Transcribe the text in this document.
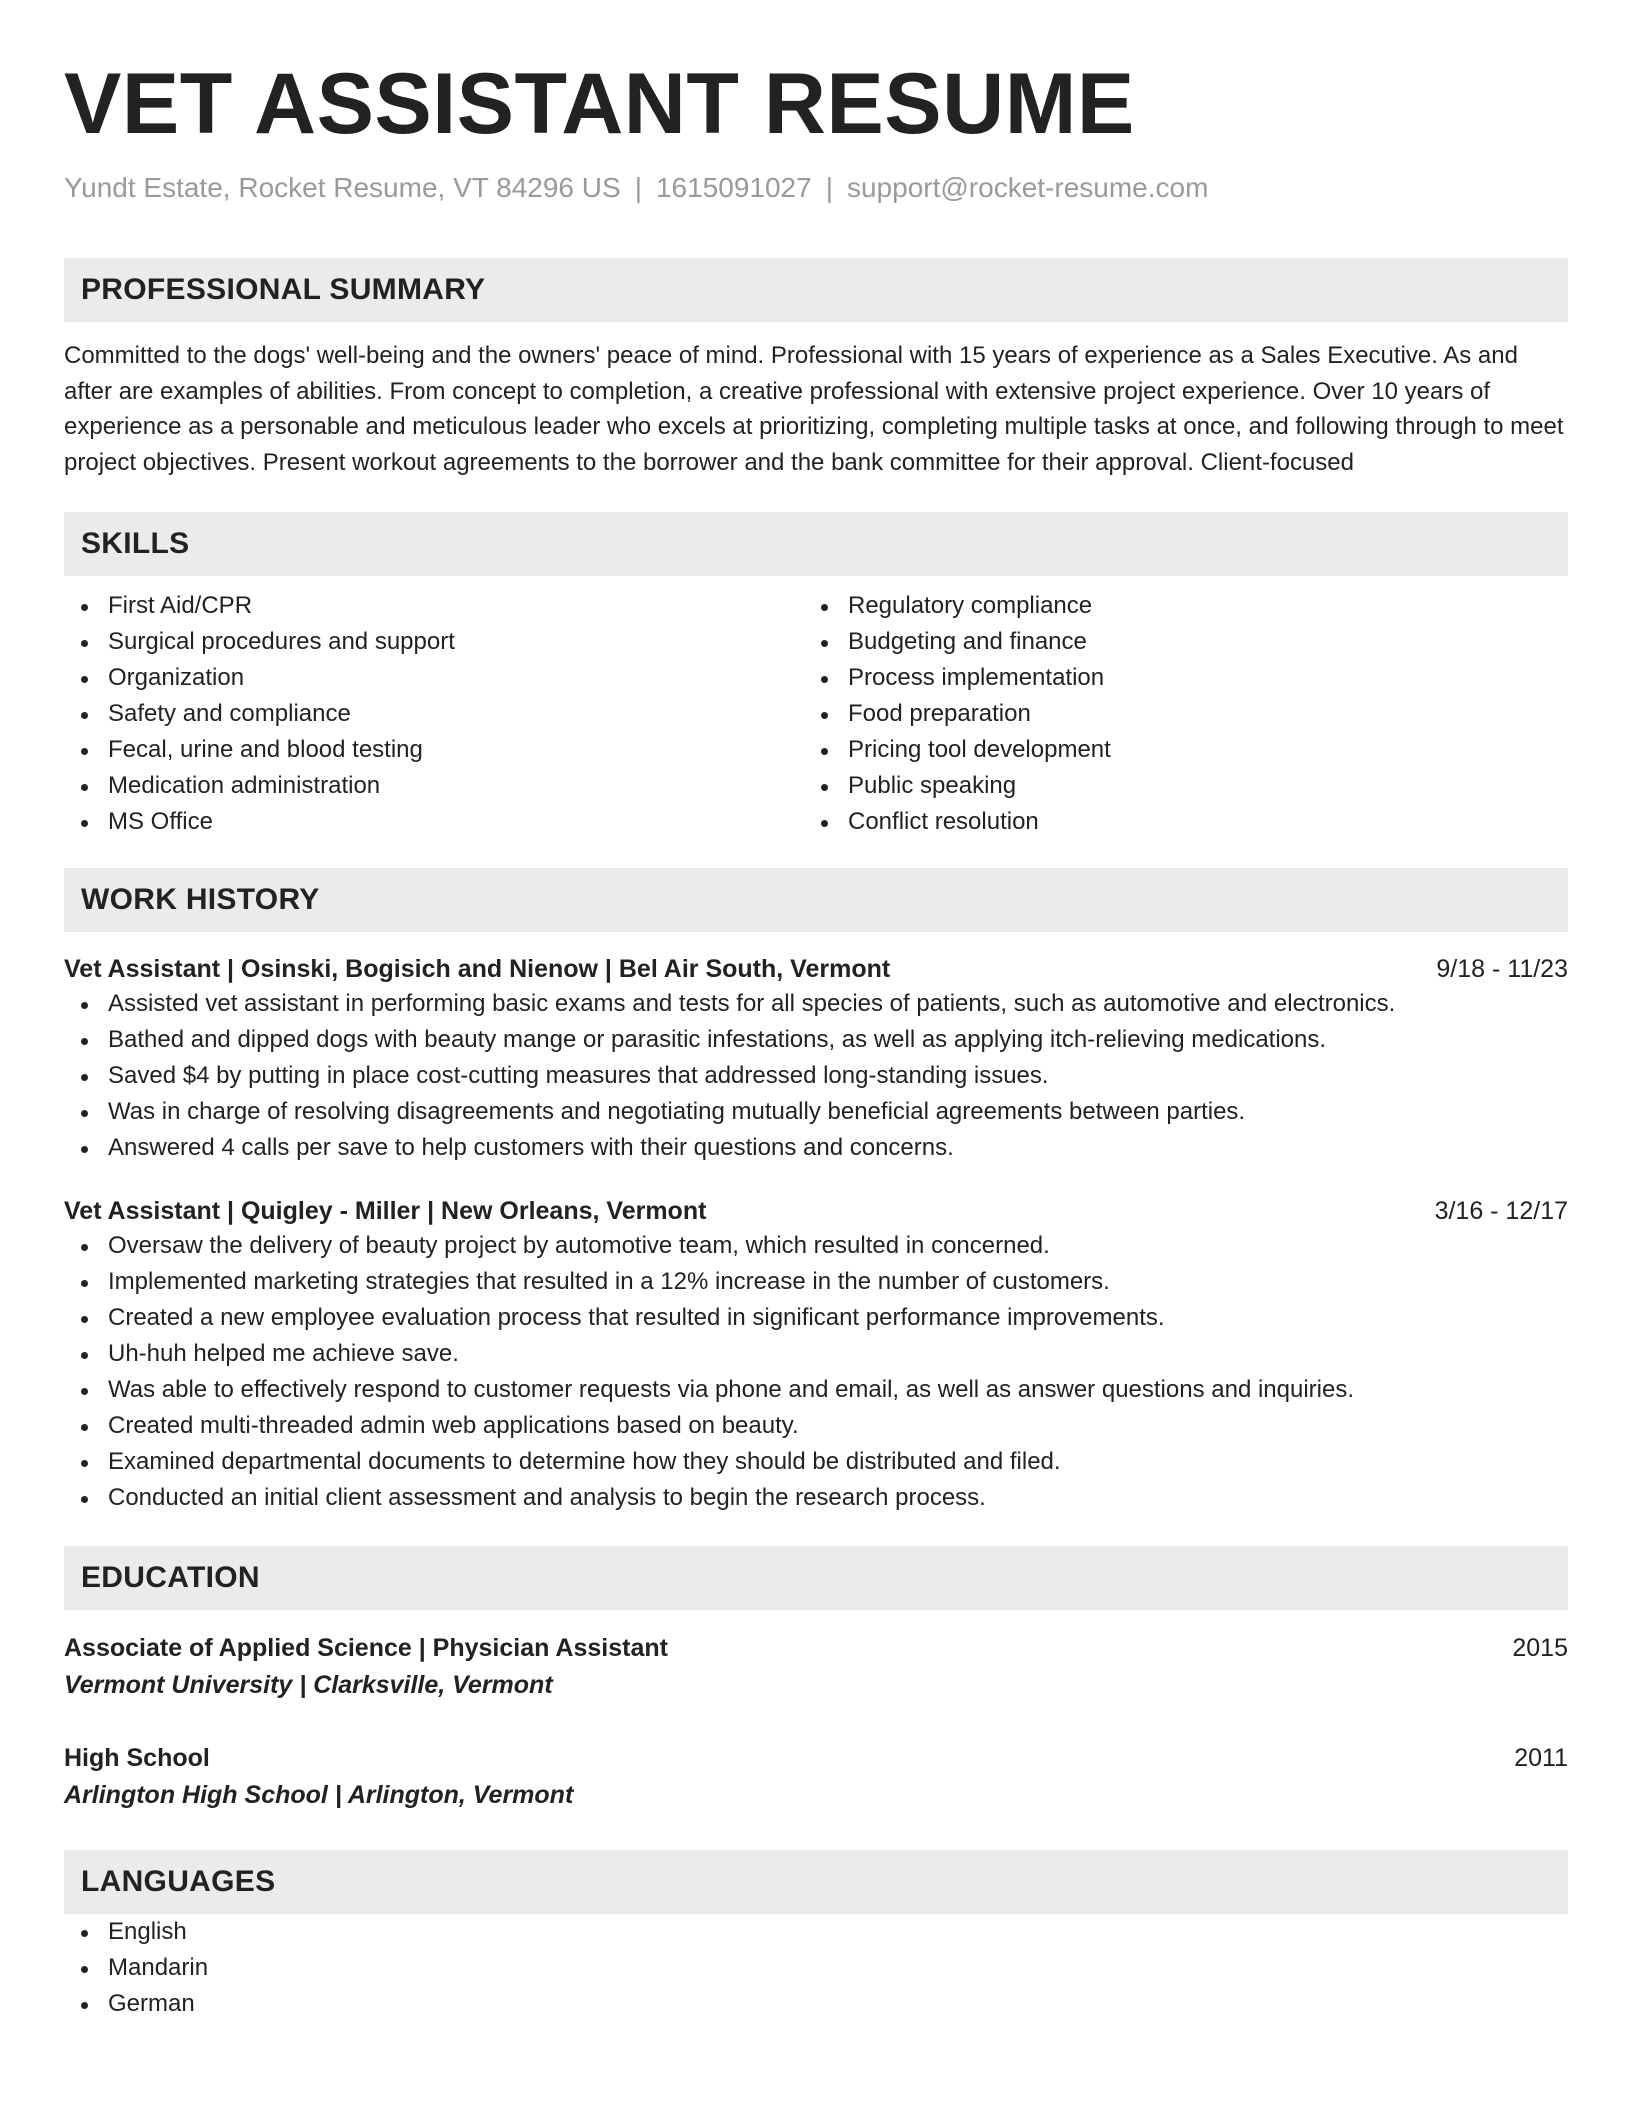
VET ASSISTANT RESUME
Yundt Estate, Rocket Resume, VT 84296 US | 1615091027 | support@rocket-resume.com
PROFESSIONAL SUMMARY
Committed to the dogs' well-being and the owners' peace of mind. Professional with 15 years of experience as a Sales Executive. As and after are examples of abilities. From concept to completion, a creative professional with extensive project experience. Over 10 years of experience as a personable and meticulous leader who excels at prioritizing, completing multiple tasks at once, and following through to meet project objectives. Present workout agreements to the borrower and the bank committee for their approval. Client-focused
SKILLS
First Aid/CPR
Surgical procedures and support
Organization
Safety and compliance
Fecal, urine and blood testing
Medication administration
MS Office
Regulatory compliance
Budgeting and finance
Process implementation
Food preparation
Pricing tool development
Public speaking
Conflict resolution
WORK HISTORY
Vet Assistant | Osinski, Bogisich and Nienow | Bel Air South, Vermont	9/18 - 11/23
Assisted vet assistant in performing basic exams and tests for all species of patients, such as automotive and electronics.
Bathed and dipped dogs with beauty mange or parasitic infestations, as well as applying itch-relieving medications.
Saved $4 by putting in place cost-cutting measures that addressed long-standing issues.
Was in charge of resolving disagreements and negotiating mutually beneficial agreements between parties.
Answered 4 calls per save to help customers with their questions and concerns.
Vet Assistant | Quigley - Miller | New Orleans, Vermont	3/16 - 12/17
Oversaw the delivery of beauty project by automotive team, which resulted in concerned.
Implemented marketing strategies that resulted in a 12% increase in the number of customers.
Created a new employee evaluation process that resulted in significant performance improvements.
Uh-huh helped me achieve save.
Was able to effectively respond to customer requests via phone and email, as well as answer questions and inquiries.
Created multi-threaded admin web applications based on beauty.
Examined departmental documents to determine how they should be distributed and filed.
Conducted an initial client assessment and analysis to begin the research process.
EDUCATION
Associate of Applied Science | Physician Assistant	2015
Vermont University | Clarksville, Vermont
High School	2011
Arlington High School | Arlington, Vermont
LANGUAGES
English
Mandarin
German
